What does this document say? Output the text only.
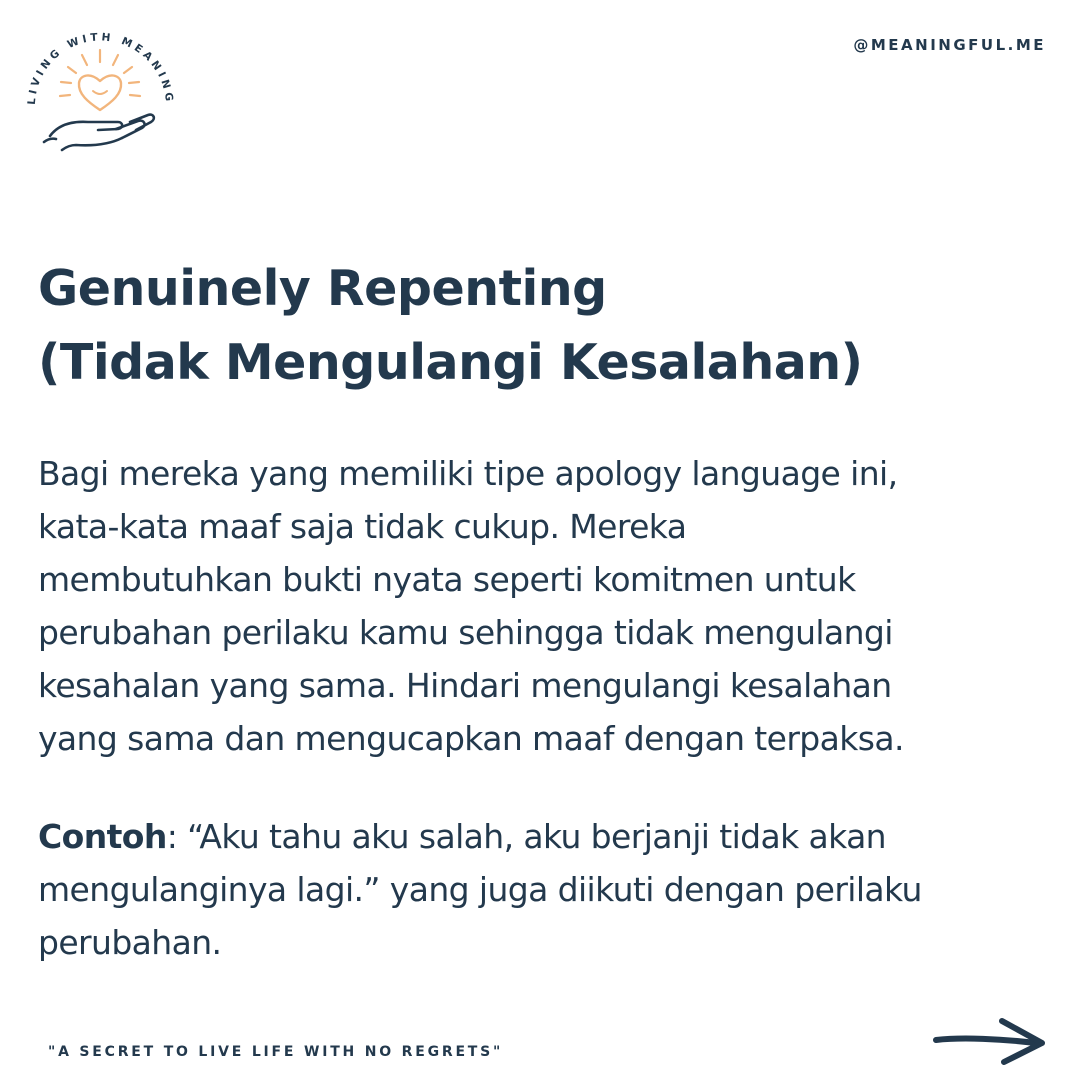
LIVING WITH MEANING
@MEANINGFUL.ME
Genuinely Repenting
(Tidak Mengulangi Kesalahan)

Bagi mereka yang memiliki tipe apology language ini,
kata-kata maaf saja tidak cukup. Mereka
membutuhkan bukti nyata seperti komitmen untuk
perubahan perilaku kamu sehingga tidak mengulangi
kesahalan yang sama. Hindari mengulangi kesalahan
yang sama dan mengucapkan maaf dengan terpaksa.

Contoh: “Aku tahu aku salah, aku berjanji tidak akan
mengulanginya lagi.” yang juga diikuti dengan perilaku
perubahan.

"A SECRET TO LIVE LIFE WITH NO REGRETS"
